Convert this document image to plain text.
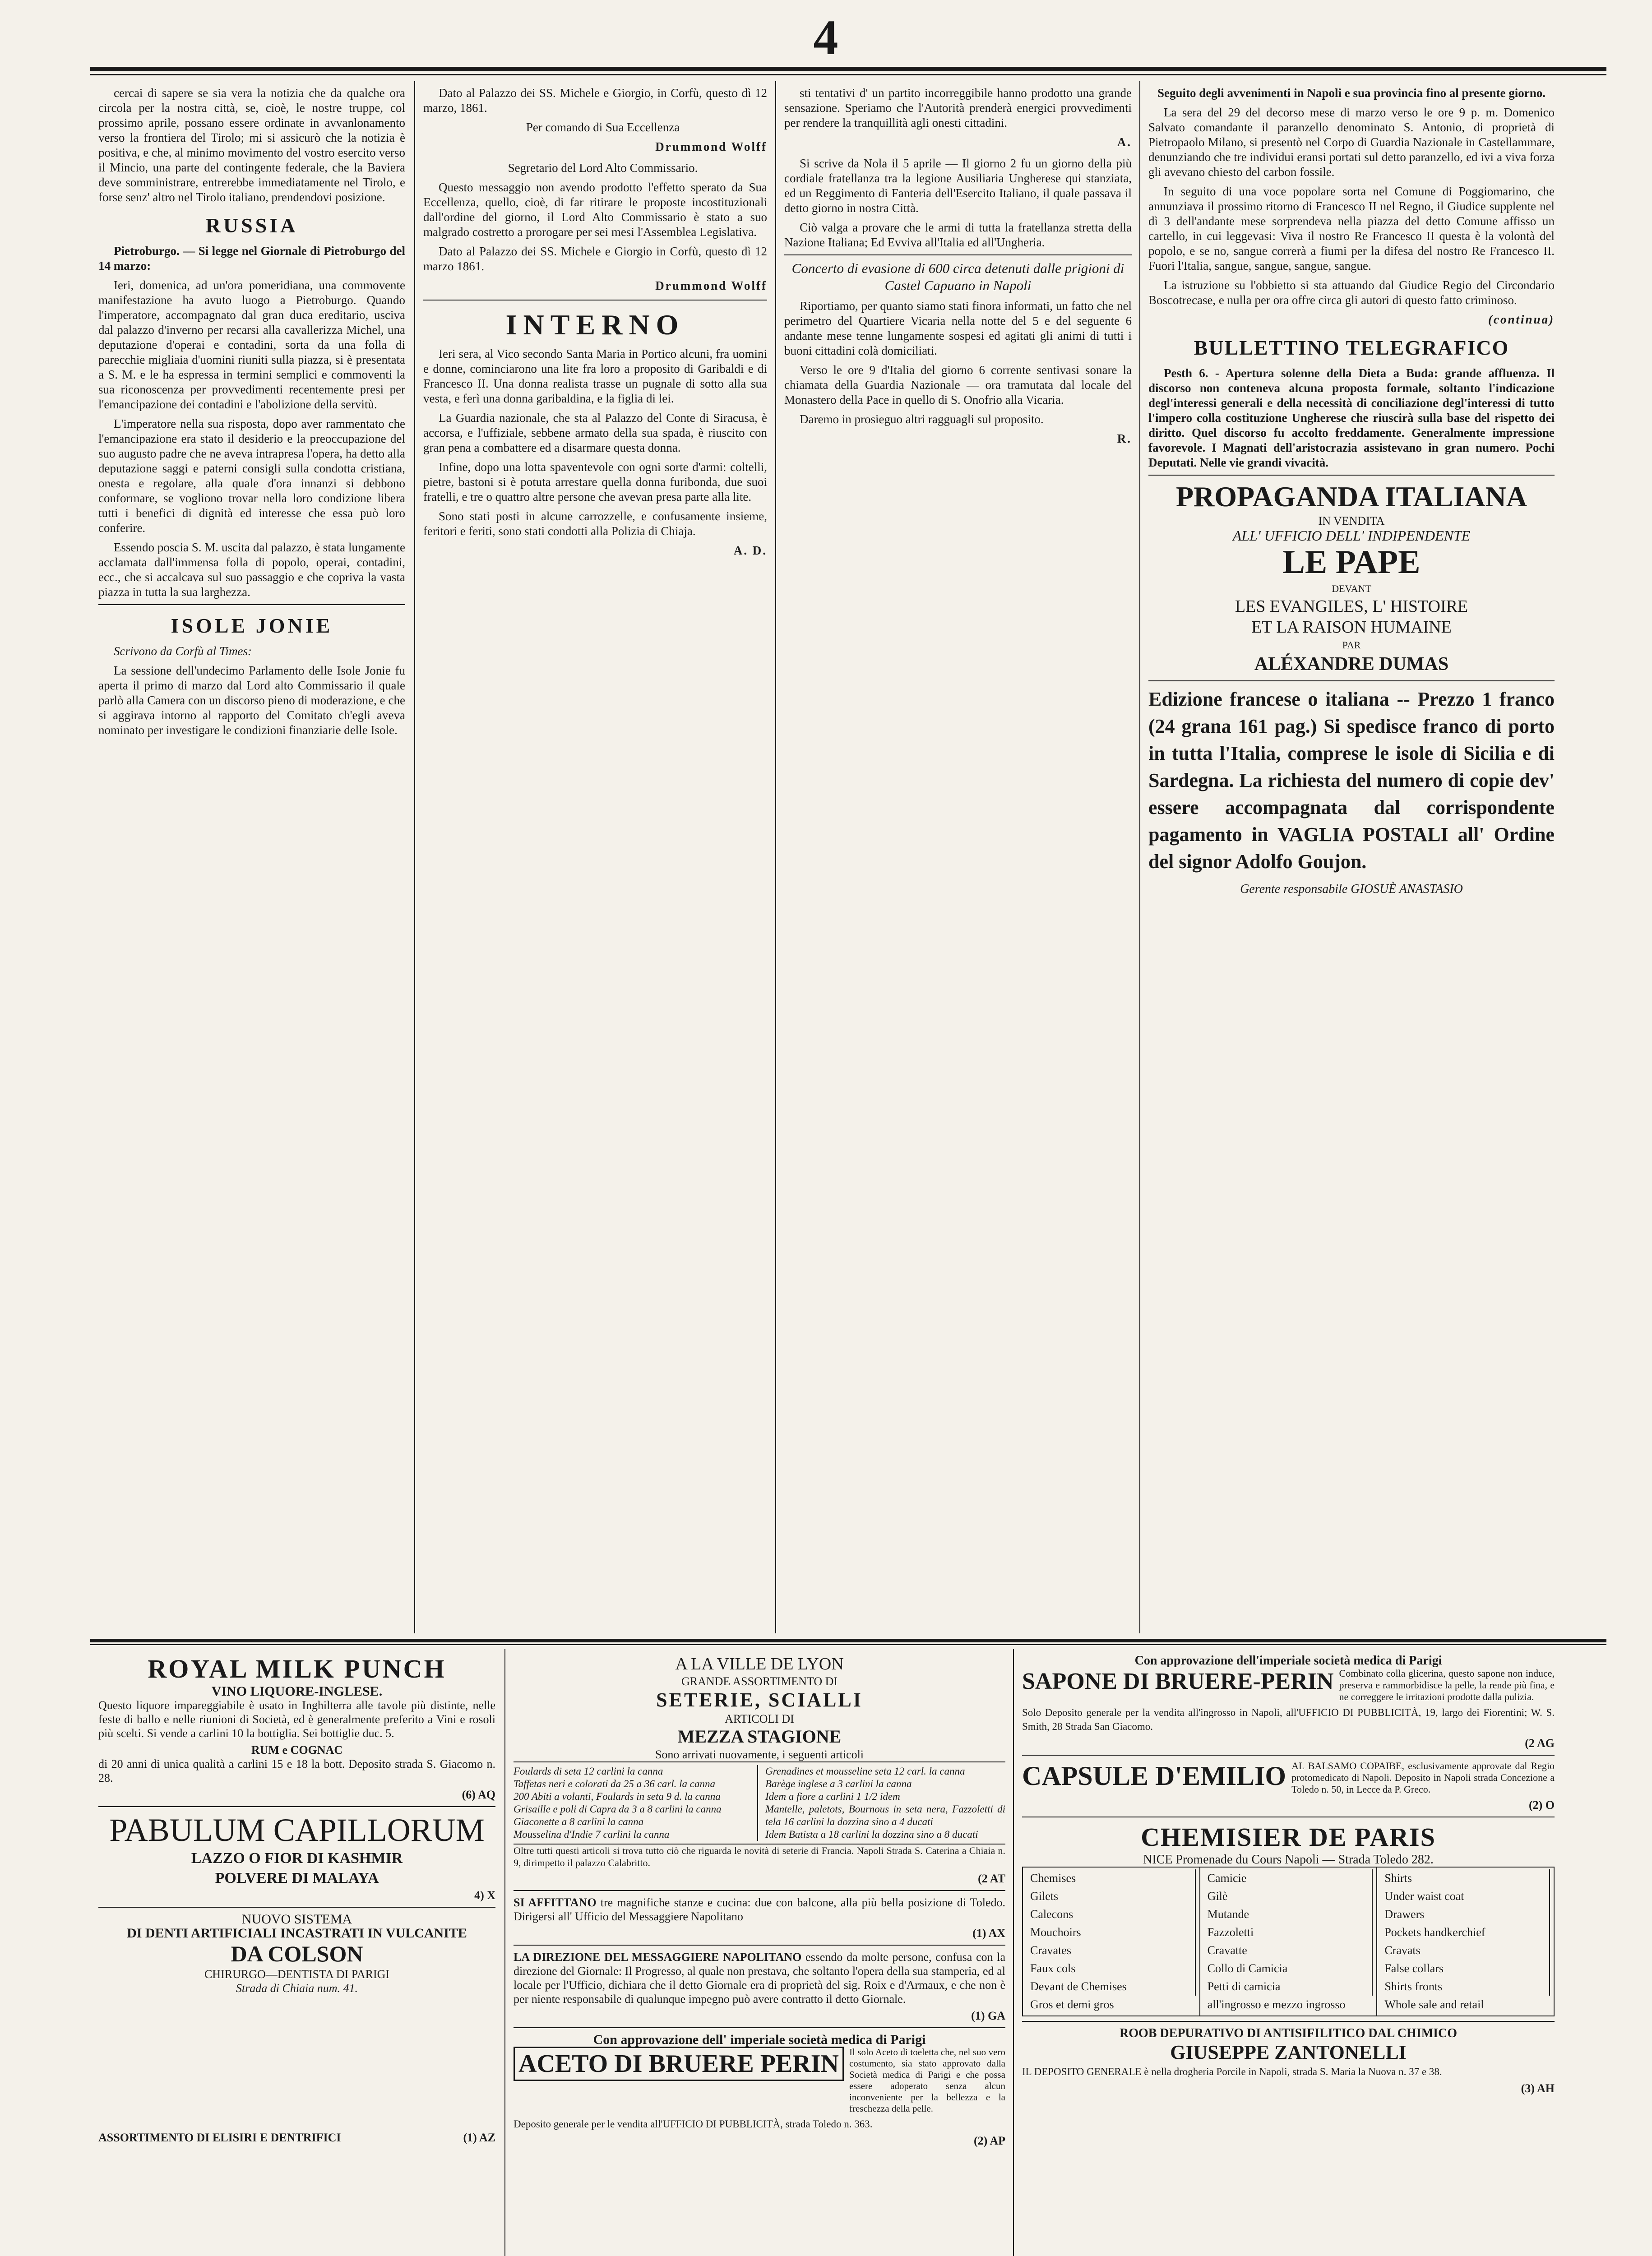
4

cercai di sapere se sia vera la notizia che da qualche ora circola per la nostra città, se, cioè, le nostre truppe, col prossimo aprile, possano essere ordinate in avvanlonamento verso la frontiera del Tirolo; mi si assicurò che la notizia è positiva, e che, al minimo movimento del vostro esercito verso il Mincio, una parte del contingente federale, che la Baviera deve somministrare, entrerebbe immediatamente nel Tirolo, e forse senz' altro nel Tirolo italiano, prendendovi posizione.

RUSSIA

Pietroburgo. — Si legge nel Giornale di Pietroburgo del 14 marzo:

Ieri, domenica, ad un'ora pomeridiana, una commovente manifestazione ha avuto luogo a Pietroburgo. Quando l'imperatore, accompagnato dal gran duca ereditario, usciva dal palazzo d'inverno per recarsi alla cavallerizza Michel, una deputazione d'operai e contadini, sorta da una folla di parecchie migliaia d'uomini riuniti sulla piazza, si è presentata a S. M. e le ha espressa in termini semplici e commoventi la sua riconoscenza per provvedimenti recentemente presi per l'emancipazione dei contadini e l'abolizione della servitù.

L'imperatore nella sua risposta, dopo aver rammentato che l'emancipazione era stato il desiderio e la preoccupazione del suo augusto padre che ne aveva intrapresa l'opera, ha detto alla deputazione saggi e paterni consigli sulla condotta cristiana, onesta e regolare, alla quale d'ora innanzi si debbono conformare, se vogliono trovar nella loro condizione libera tutti i benefici di dignità ed interesse che essa può loro conferire.

Essendo poscia S. M. uscita dal palazzo, è stata lungamente acclamata dall'immensa folla di popolo, operai, contadini, ecc., che si accalcava sul suo passaggio e che copriva la vasta piazza in tutta la sua larghezza.

ISOLE JONIE

Scrivono da Corfù al Times:

La sessione dell'undecimo Parlamento delle Isole Jonie fu aperta il primo di marzo dal Lord alto Commissario il quale parlò alla Camera con un discorso pieno di moderazione, e che si aggirava intorno al rapporto del Comitato ch'egli aveva nominato per investigare le condizioni finanziarie delle Isole.

Dato al Palazzo dei SS. Michele e Giorgio, in Corfù, questo dì 12 marzo, 1861.

Per comando di Sua Eccellenza

Drummond Wolff

Segretario del Lord Alto Commissario.

Questo messaggio non avendo prodotto l'effetto sperato da Sua Eccellenza, quello, cioè, di far ritirare le proposte incostituzionali dall'ordine del giorno, il Lord Alto Commissario è stato a suo malgrado costretto a prorogare per sei mesi l'Assemblea Legislativa.

Dato al Palazzo dei SS. Michele e Giorgio in Corfù, questo dì 12 marzo 1861.

Drummond Wolff
INTERNO

Ieri sera, al Vico secondo Santa Maria in Portico alcuni, fra uomini e donne, cominciarono una lite fra loro a proposito di Garibaldi e di Francesco II. Una donna realista trasse un pugnale di sotto alla sua vesta, e ferì una donna garibaldina, e la figlia di lei.

La Guardia nazionale, che sta al Palazzo del Conte di Siracusa, è accorsa, e l'uffiziale, sebbene armato della sua spada, è riuscito con gran pena a combattere ed a disarmare questa donna.

Infine, dopo una lotta spaventevole con ogni sorte d'armi: coltelli, pietre, bastoni si è potuta arrestare quella donna furibonda, due suoi fratelli, e tre o quattro altre persone che avevan presa parte alla lite.

Sono stati posti in alcune carrozzelle, e confusamente insieme, feritori e feriti, sono stati condotti alla Polizia di Chiaja.

A. D.

sti tentativi d' un partito incorreggibile hanno prodotto una grande sensazione. Speriamo che l'Autorità prenderà energici provvedimenti per rendere la tranquillità agli onesti cittadini.

A.

Si scrive da Nola il 5 aprile — Il giorno 2 fu un giorno della più cordiale fratellanza tra la legione Ausiliaria Ungherese qui stanziata, ed un Reggimento di Fanteria dell'Esercito Italiano, il quale passava il detto giorno in nostra Città.

Ciò valga a provare che le armi di tutta la fratellanza stretta della Nazione Italiana; Ed Evviva all'Italia ed all'Ungheria.

Concerto di evasione di 600 circa detenuti dalle prigioni di Castel Capuano in Napoli

Riportiamo, per quanto siamo stati finora informati, un fatto che nel perimetro del Quartiere Vicaria nella notte del 5 e del seguente 6 andante mese tenne lungamente sospesi ed agitati gli animi di tutti i buoni cittadini colà domiciliati.

Verso le ore 9 d'Italia del giorno 6 corrente sentivasi sonare la chiamata della Guardia Nazionale — ora tramutata dal locale del Monastero della Pace in quello di S. Onofrio alla Vicaria.

Daremo in prosieguo altri ragguagli sul proposito.

R.

Seguito degli avvenimenti in Napoli e sua provincia fino al presente giorno.

La sera del 29 del decorso mese di marzo verso le ore 9 p. m. Domenico Salvato comandante il paranzello denominato S. Antonio, di proprietà di Pietropaolo Milano, si presentò nel Corpo di Guardia Nazionale in Castellammare, denunziando che tre individui eransi portati sul detto paranzello, ed ivi a viva forza gli avevano chiesto del carbon fossile.

In seguito di una voce popolare sorta nel Comune di Poggiomarino, che annunziava il prossimo ritorno di Francesco II nel Regno, il Giudice supplente nel dì 3 dell'andante mese sorprendeva nella piazza del detto Comune affisso un cartello, in cui leggevasi: Viva il nostro Re Francesco II questa è la volontà del popolo, e se no, sangue correrà a fiumi per la difesa del nostro Re Francesco II. Fuori l'Italia, sangue, sangue, sangue, sangue.

La istruzione su l'obbietto si sta attuando dal Giudice Regio del Circondario Boscotrecase, e nulla per ora offre circa gli autori di questo fatto criminoso.

(continua)
BULLETTINO TELEGRAFICO

Pesth 6. - Apertura solenne della Dieta a Buda: grande affluenza. Il discorso non conteneva alcuna proposta formale, soltanto l'indicazione degl'interessi generali e della necessità di conciliazione degl'interessi di tutto l'impero colla costituzione Ungherese che riuscirà sulla base del rispetto dei diritto. Quel discorso fu accolto freddamente. Generalmente impressione favorevole. I Magnati dell'aristocrazia assistevano in gran numero. Pochi Deputati. Nelle vie grandi vivacità.

PROPAGANDA ITALIANA
IN VENDITA
ALL' UFFICIO DELL' INDIPENDENTE
LE PAPE
DEVANT
LES EVANGILES, L' HISTOIRE
ET LA RAISON HUMAINE
PAR
ALÉXANDRE DUMAS
Edizione francese o italiana -- Prezzo 1 franco (24 grana 161 pag.) Si spedisce franco di porto in tutta l'Italia, comprese le isole di Sicilia e di Sardegna. La richiesta del numero di copie dev' essere accompagnata dal corrispondente pagamento in VAGLIA POSTALI all' Ordine del signor Adolfo Goujon.
Gerente responsabile GIOSUÈ ANASTASIO
ROYAL MILK PUNCH
VINO LIQUORE-INGLESE.

Questo liquore impareggiabile è usato in Inghilterra alle tavole più distinte, nelle feste di ballo e nelle riunioni di Società, ed è generalmente preferito a Vini e rosoli più scelti. Si vende a carlini 10 la bottiglia. Sei bottiglie duc. 5.

RUM e COGNAC

di 20 anni di unica qualità a carlini 15 e 18 la bott. Deposito strada S. Giacomo n. 28.

(6) AQ
PABULUM CAPILLORUM
LAZZO O FIOR DI KASHMIR
POLVERE DI MALAYA
4) X
NUOVO SISTEMA
DI DENTI ARTIFICIALI INCASTRATI IN VULCANITE
DA COLSON
CHIRURGO—DENTISTA DI PARIGI
Strada di Chiaia num. 41.
ASSORTIMENTO DI ELISIRI E DENTRIFICI	(1) AZ
A LA VILLE DE LYON
GRANDE ASSORTIMENTO DI
SETERIE, SCIALLI
ARTICOLI DI
MEZZA STAGIONE
Sono arrivati nuovamente, i seguenti articoli
Foulards di seta 12 carlini la canna
Taffetas neri e colorati da 25 a 36 carl. la canna
200 Abiti a volanti, Foulards in seta 9 d. la canna
Grisaille e poli di Capra da 3 a 8 carlini la canna
Giaconette a 8 carlini la canna
Mousselina d'Indie 7 carlini la canna
Grenadines et mousseline seta 12 carl. la canna
Barège inglese a 3 carlini la canna
Idem a fiore a carlini 1 1/2 idem
Mantelle, paletots, Bournous in seta nera, Fazzoletti di tela 16 carlini la dozzina sino a 4 ducati
Idem Batista a 18 carlini la dozzina sino a 8 ducati

Oltre tutti questi articoli si trova tutto ciò che riguarda le novità di seterie di Francia. Napoli Strada S. Caterina a Chiaia n. 9, dirimpetto il palazzo Calabritto.

(2 AT

SI AFFITTANO tre magnifiche stanze e cucina: due con balcone, alla più bella posizione di Toledo. Dirigersi all' Ufficio del Messaggiere Napolitano

(1) AX

LA DIREZIONE DEL MESSAGGIERE NAPOLITANO essendo da molte persone, confusa con la direzione del Giornale: Il Progresso, al quale non prestava, che soltanto l'opera della sua stamperia, ed al locale per l'Ufficio, dichiara che il detto Giornale era di proprietà del sig. Roix e d'Armaux, e che non è per niente responsabile di qualunque impegno può avere contratto il detto Giornale.

(1) GA
Con approvazione dell' imperiale società medica di Parigi
ACETO DI BRUERE PERIN	Il solo Aceto di toeletta che, nel suo vero costumento, sia stato approvato dalla Società medica di Parigi e che possa essere adoperato senza alcun inconveniente per la bellezza e la freschezza della pelle.

Deposito generale per le vendita all'UFFICIO DI PUBBLICITÀ, strada Toledo n. 363.

(2) AP
Con approvazione dell'imperiale società medica di Parigi
SAPONE DI BRUERE-PERIN Combinato colla glicerina, questo sapone non induce, preserva e rammorbidisce la pelle, la rende più fina, e ne correggere le irritazioni prodotte dalla pulizia.

Solo Deposito generale per la vendita all'ingrosso in Napoli, all'UFFICIO DI PUBBLICITÀ, 19, largo dei Fiorentini; W. S. Smith, 28 Strada San Giacomo.

(2 AG
CAPSULE D'EMILIO AL BALSAMO COPAIBE, esclusivamente approvate dal Regio protomedicato di Napoli. Deposito in Napoli strada Concezione a Toledo n. 50, in Lecce da P. Greco.

(2) O
CHEMISIER DE PARIS
NICE Promenade du Cours Napoli — Strada Toledo 282.
Chemises
Gilets
Calecons
Mouchoirs
Cravates
Faux cols
Devant de Chemises
Gros et demi gros
Camicie
Gilè
Mutande
Fazzoletti
Cravatte
Collo di Camicia
Petti di camicia
all'ingrosso e mezzo ingrosso
Shirts
Under waist coat
Drawers
Pockets handkerchief
Cravats
False collars
Shirts fronts
Whole sale and retail
ROOB DEPURATIVO DI ANTISIFILITICO DAL CHIMICO
GIUSEPPE ZANTONELLI

IL DEPOSITO GENERALE è nella drogheria Porcile in Napoli, strada S. Maria la Nuova n. 37 e 38.

(3) AH
